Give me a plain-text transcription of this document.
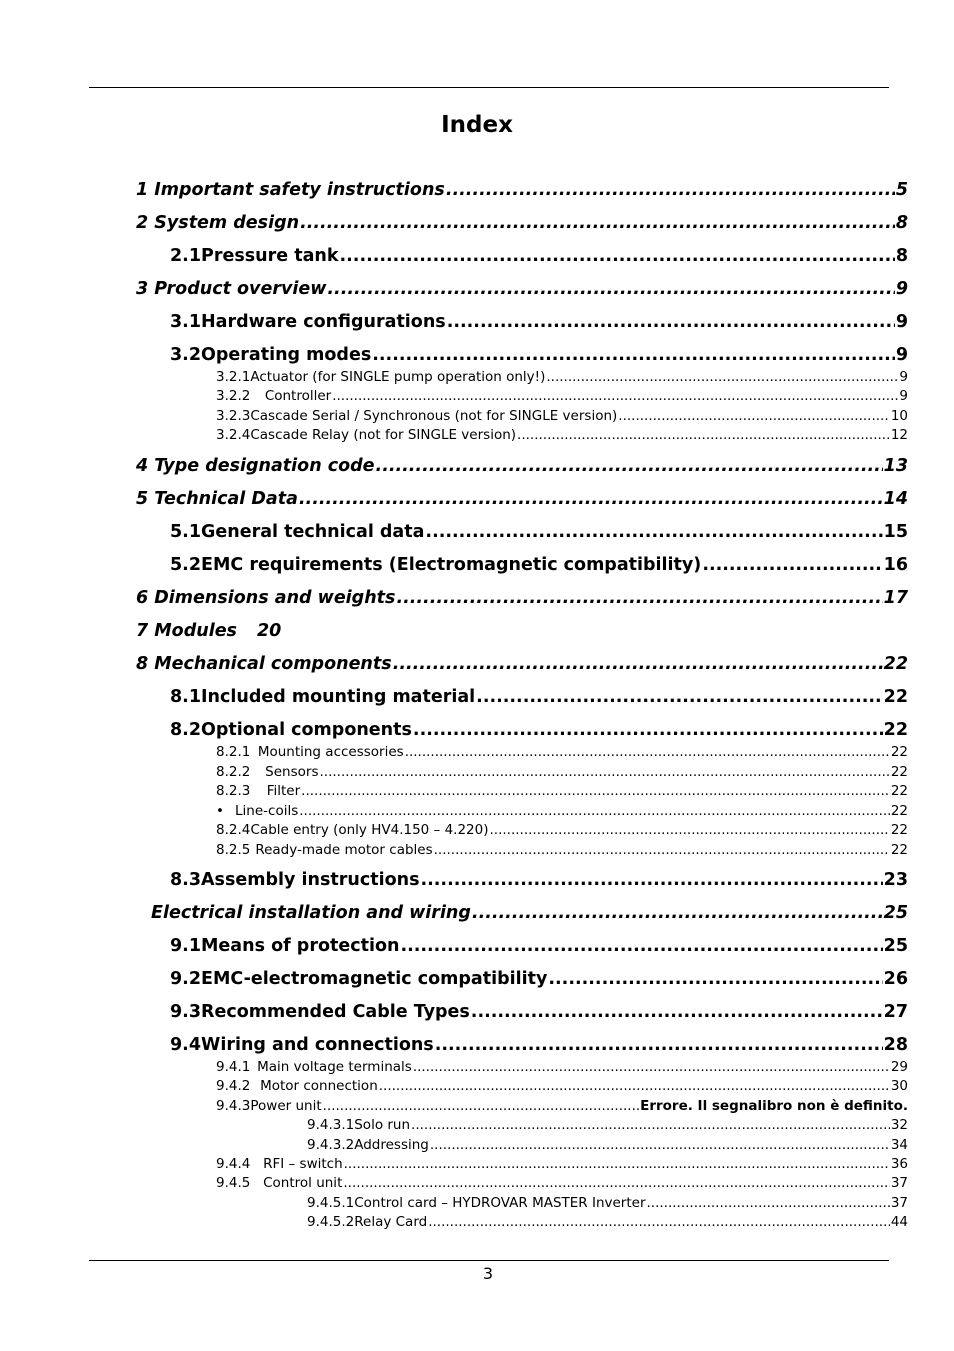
Index
1 Important safety instructions .....	5
2 System design .....	8
2.1 Pressure tank .....	8
3 Product overview .....	9
3.1 Hardware configurations .....	9
3.2 Operating modes .....	9
3.2.1 Actuator (for SINGLE pump operation only!) .....	9
3.2.2	Controller .....	9
3.2.3 Cascade Serial / Synchronous (not for SINGLE version) .....	10
3.2.4 Cascade Relay (not for SINGLE version) .....	12
4 Type designation code .....	13
5 Technical Data .....	14
5.1 General technical data .....	15
5.2 EMC requirements (Electromagnetic compatibility) .....	16
6 Dimensions and weights .....	17
7 Modules 20
8 Mechanical components .....	22
8.1 Included mounting material .....	22
8.2 Optional components .....	22
8.2.1 Mounting accessories .....	22
8.2.2	Sensors .....	22
8.2.3	Filter .....	22
• Line-coils .....	22
8.2.4 Cable entry (only HV4.150 – 4.220) .....	22
8.2.5 Ready-made motor cables .....	22
8.3 Assembly instructions .....	23
Electrical installation and wiring .....	25
9.1 Means of protection .....	25
9.2 EMC-electromagnetic compatibility .....	26
9.3 Recommended Cable Types .....	27
9.4 Wiring and connections .....	28
9.4.1 Main voltage terminals .....	29
9.4.2 Motor connection .....	30
9.4.3 Power unit .....	Errore. Il segnalibro non è definito.
9.4.3.1 Solo run .....	32
9.4.3.2 Addressing .....	34
9.4.4 RFI – switch .....	36
9.4.5 Control unit .....	37
9.4.5.1 Control card – HYDROVAR MASTER Inverter .....	37
9.4.5.2 Relay Card .....	44
3
